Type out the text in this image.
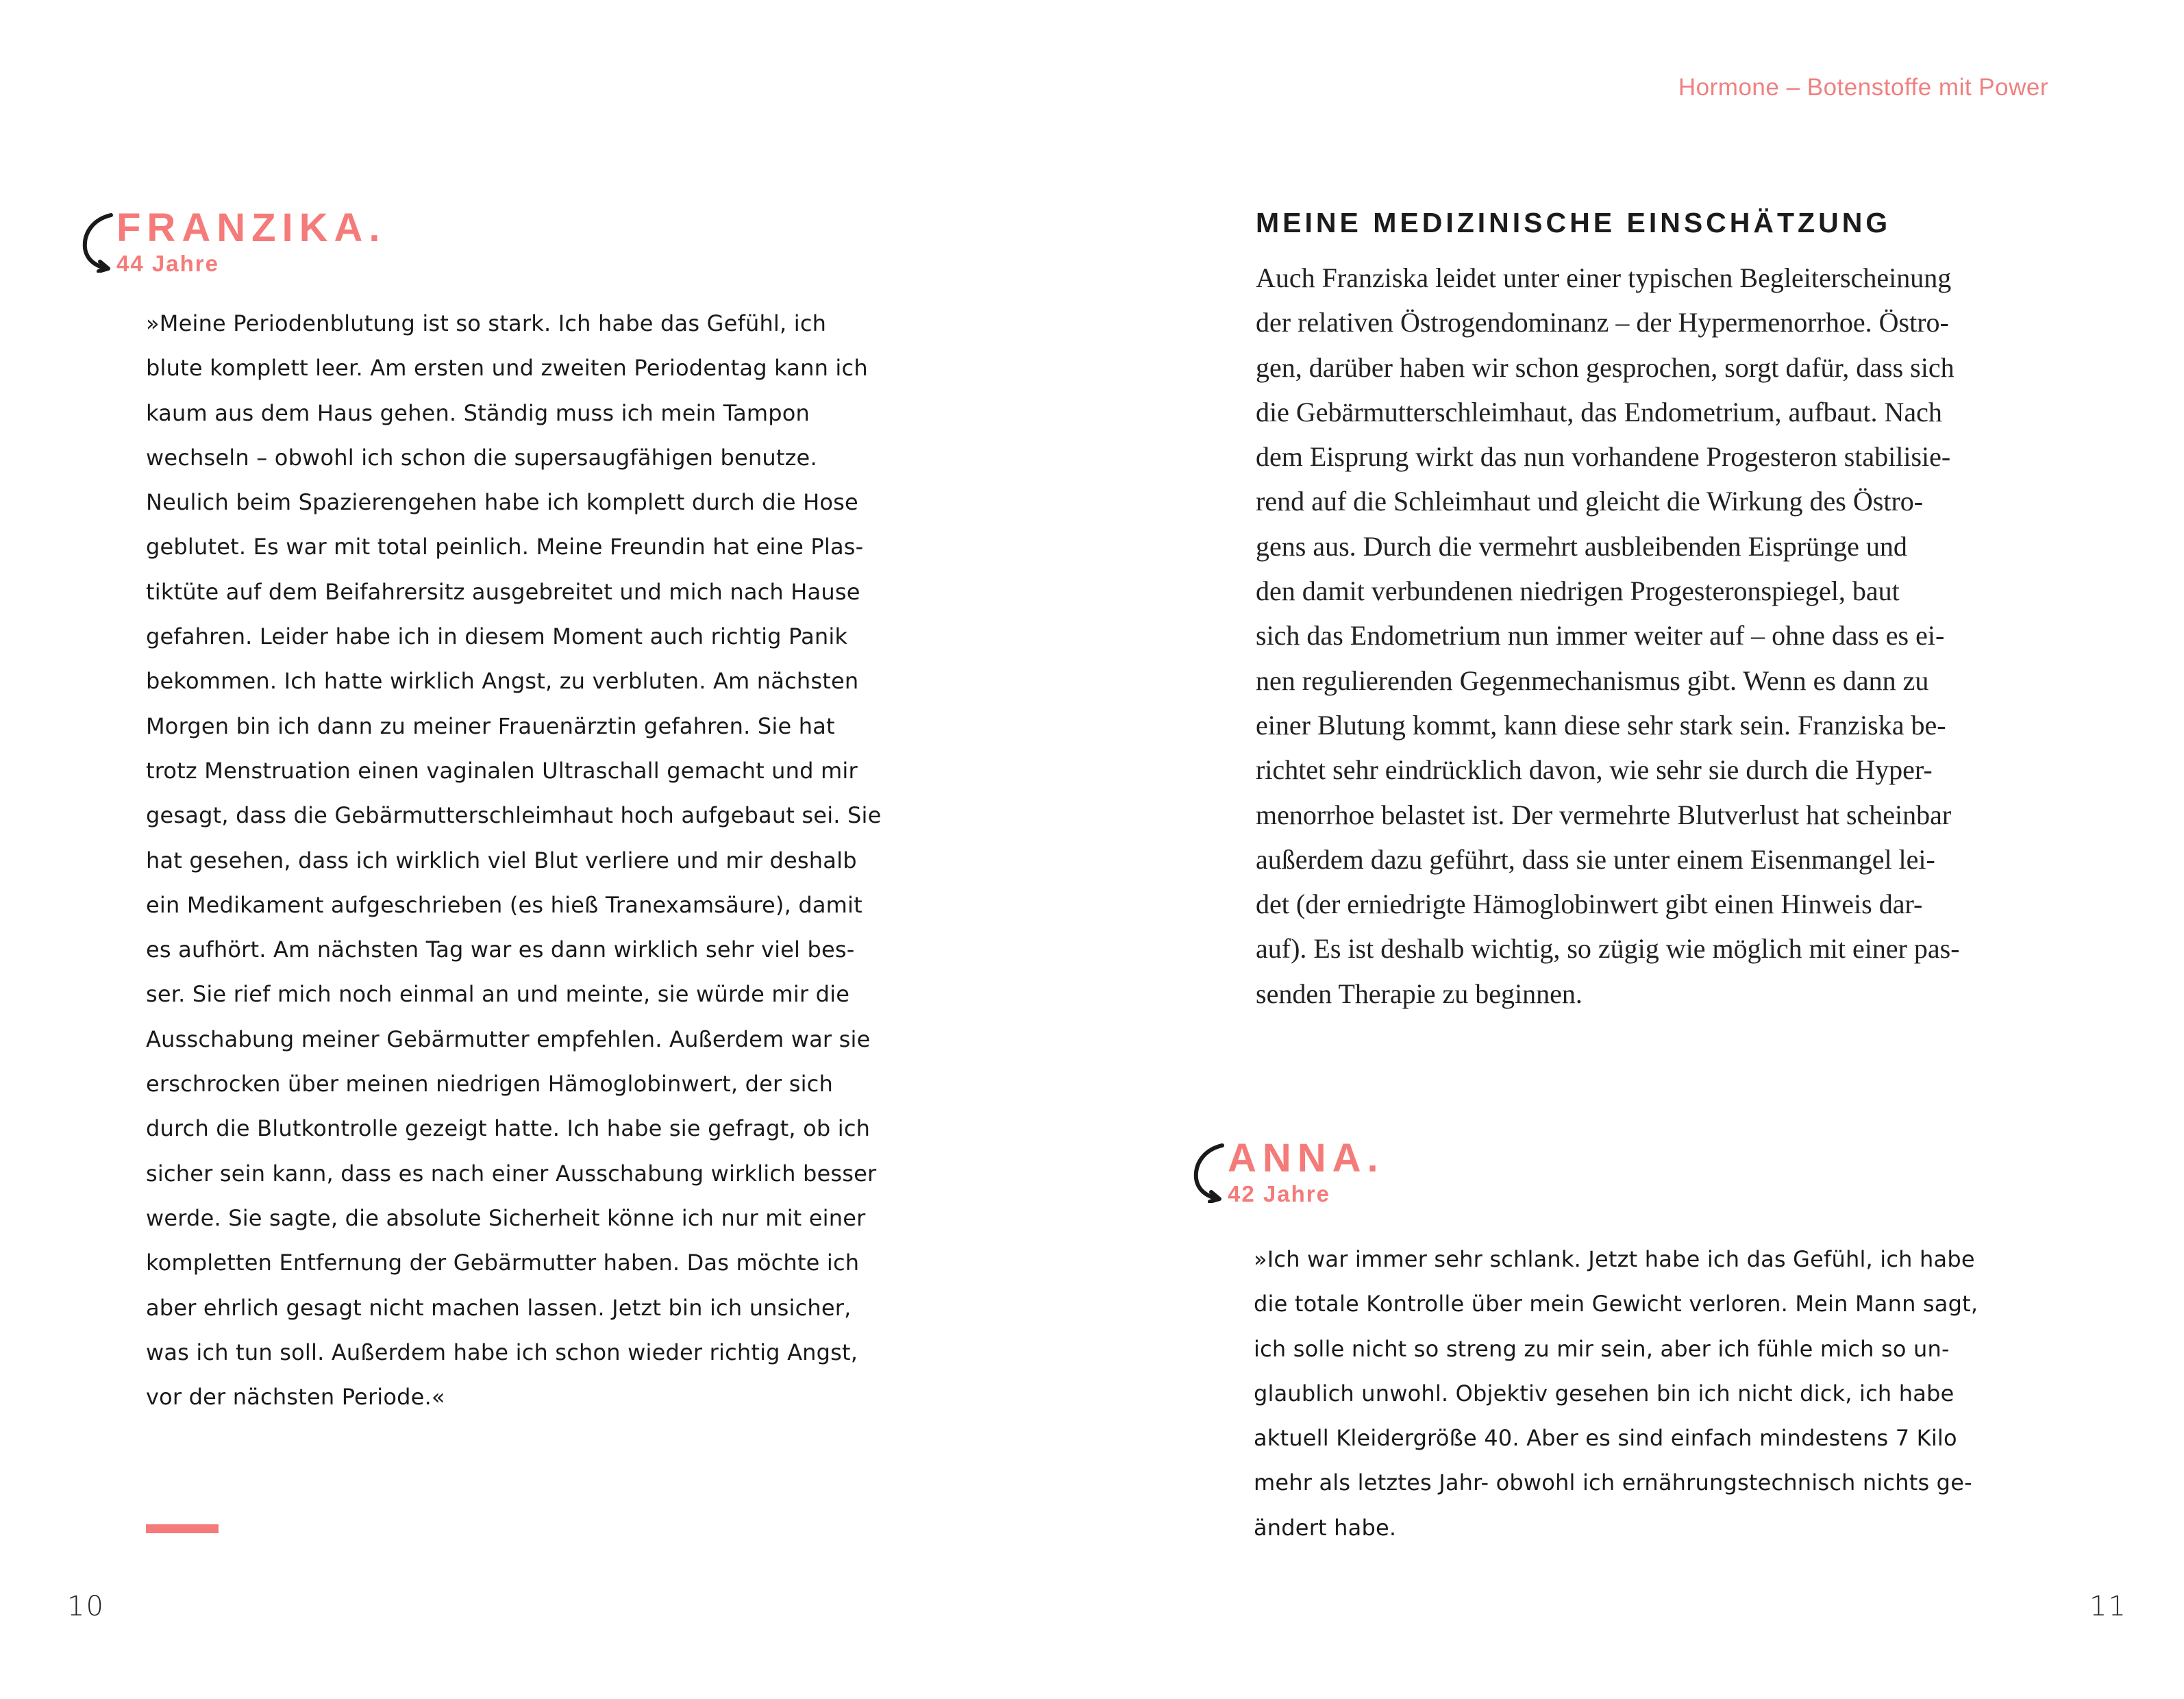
FRANZIKA.
44 Jahre
»Meine Periodenblutung ist so stark. Ich habe das Gefühl, ich
blute komplett leer. Am ersten und zweiten Periodentag kann ich
kaum aus dem Haus gehen. Ständig muss ich mein Tampon
wechseln – obwohl ich schon die supersaugfähigen benutze.
Neulich beim Spazierengehen habe ich komplett durch die Hose
geblutet. Es war mit total peinlich. Meine Freundin hat eine Plas-
tiktüte auf dem Beifahrersitz ausgebreitet und mich nach Hause
gefahren. Leider habe ich in diesem Moment auch richtig Panik
bekommen. Ich hatte wirklich Angst, zu verbluten. Am nächsten
Morgen bin ich dann zu meiner Frauenärztin gefahren. Sie hat
trotz Menstruation einen vaginalen Ultraschall gemacht und mir
gesagt, dass die Gebärmutterschleimhaut hoch aufgebaut sei. Sie
hat gesehen, dass ich wirklich viel Blut verliere und mir deshalb
ein Medikament aufgeschrieben (es hieß Tranexamsäure), damit
es aufhört. Am nächsten Tag war es dann wirklich sehr viel bes-
ser. Sie rief mich noch einmal an und meinte, sie würde mir die
Ausschabung meiner Gebärmutter empfehlen. Außerdem war sie
erschrocken über meinen niedrigen Hämoglobinwert, der sich
durch die Blutkontrolle gezeigt hatte. Ich habe sie gefragt, ob ich
sicher sein kann, dass es nach einer Ausschabung wirklich besser
werde. Sie sagte, die absolute Sicherheit könne ich nur mit einer
kompletten Entfernung der Gebärmutter haben. Das möchte ich
aber ehrlich gesagt nicht machen lassen. Jetzt bin ich unsicher,
was ich tun soll. Außerdem habe ich schon wieder richtig Angst,
vor der nächsten Periode.«
10
Hormone – Botenstoffe mit Power
MEINE MEDIZINISCHE EINSCHÄTZUNG
Auch Franziska leidet unter einer typischen Begleiterscheinung
der relativen Östrogendominanz – der Hypermenorrhoe. Östro-
gen, darüber haben wir schon gesprochen, sorgt dafür, dass sich
die Gebärmutterschleimhaut, das Endometrium, aufbaut. Nach
dem Eisprung wirkt das nun vorhandene Progesteron stabilisie-
rend auf die Schleimhaut und gleicht die Wirkung des Östro-
gens aus. Durch die vermehrt ausbleibenden Eisprünge und
den damit verbundenen niedrigen Progesteronspiegel, baut
sich das Endometrium nun immer weiter auf – ohne dass es ei-
nen regulierenden Gegenmechanismus gibt. Wenn es dann zu
einer Blutung kommt, kann diese sehr stark sein. Franziska be-
richtet sehr eindrücklich davon, wie sehr sie durch die Hyper-
menorrhoe belastet ist. Der vermehrte Blutverlust hat scheinbar
außerdem dazu geführt, dass sie unter einem Eisenmangel lei-
det (der erniedrigte Hämoglobinwert gibt einen Hinweis dar-
auf). Es ist deshalb wichtig, so zügig wie möglich mit einer pas-
senden Therapie zu beginnen.
ANNA.
42 Jahre
»Ich war immer sehr schlank. Jetzt habe ich das Gefühl, ich habe
die totale Kontrolle über mein Gewicht verloren. Mein Mann sagt,
ich solle nicht so streng zu mir sein, aber ich fühle mich so un-
glaublich unwohl. Objektiv gesehen bin ich nicht dick, ich habe
aktuell Kleidergröße 40. Aber es sind einfach mindestens 7 Kilo
mehr als letztes Jahr- obwohl ich ernährungstechnisch nichts ge-
ändert habe.
11
